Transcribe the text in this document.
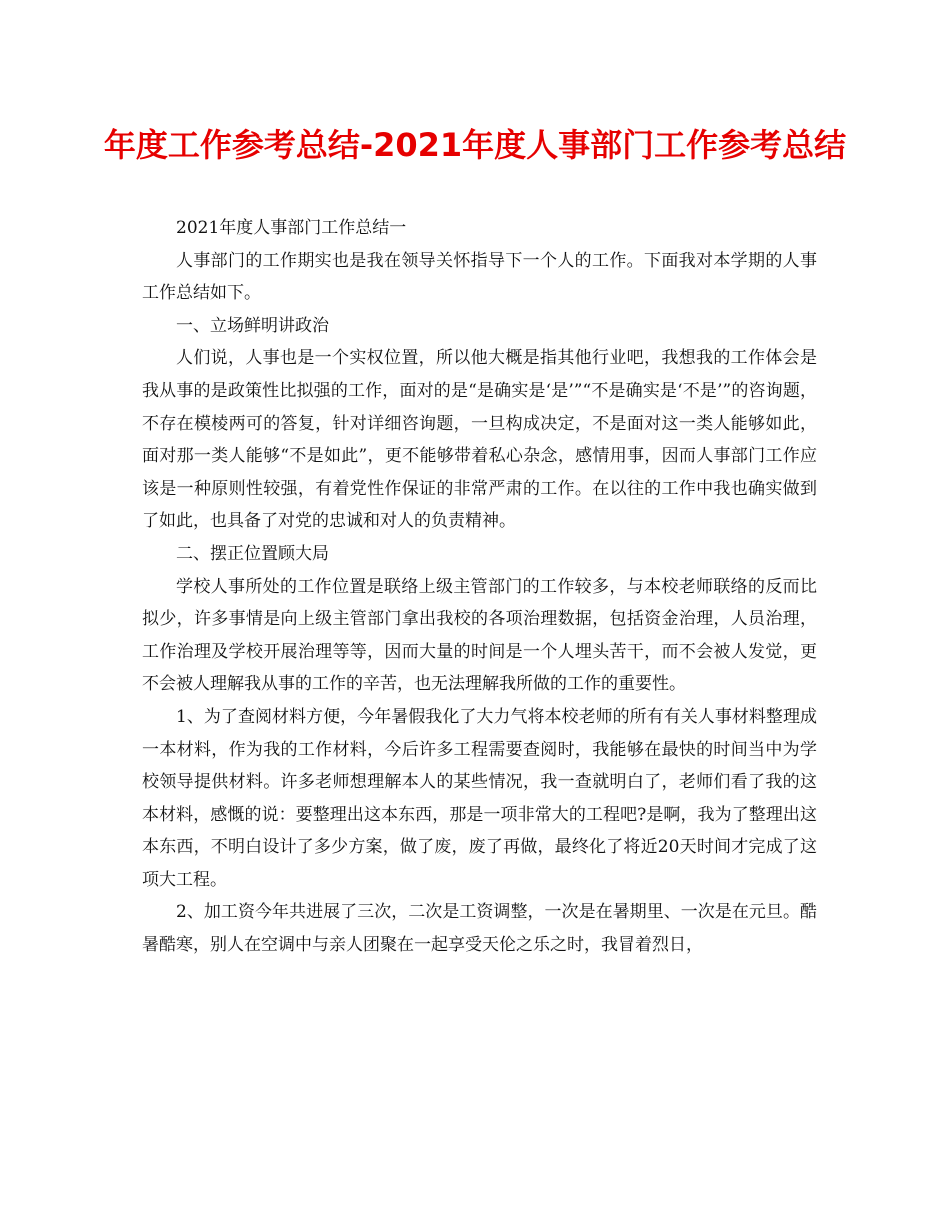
年度工作参考总结-2021年度人事部门工作参考总结

2021年度人事部门工作总结一

人事部门的工作期实也是我在领导关怀指导下一个人的工作。下面我对本学期的人事工作总结如下。

一、立场鲜明讲政治

人们说，人事也是一个实权位置，所以他大概是指其他行业吧，我想我的工作体会是我从事的是政策性比拟强的工作，面对的是“是确实是‘是’”“不是确实是‘不是’”的咨询题，不存在模棱两可的答复，针对详细咨询题，一旦构成决定，不是面对这一类人能够如此，面对那一类人能够“不是如此”，更不能够带着私心杂念，感情用事，因而人事部门工作应该是一种原则性较强，有着党性作保证的非常严肃的工作。在以往的工作中我也确实做到了如此，也具备了对党的忠诚和对人的负责精神。

二、摆正位置顾大局

学校人事所处的工作位置是联络上级主管部门的工作较多，与本校老师联络的反而比拟少，许多事情是向上级主管部门拿出我校的各项治理数据，包括资金治理，人员治理，工作治理及学校开展治理等等，因而大量的时间是一个人埋头苦干，而不会被人发觉，更不会被人理解我从事的工作的辛苦，也无法理解我所做的工作的重要性。

1、为了查阅材料方便，今年暑假我化了大力气将本校老师的所有有关人事材料整理成一本材料，作为我的工作材料，今后许多工程需要查阅时，我能够在最快的时间当中为学校领导提供材料。许多老师想理解本人的某些情况，我一查就明白了，老师们看了我的这本材料，感慨的说：要整理出这本东西，那是一项非常大的工程吧?是啊，我为了整理出这本东西，不明白设计了多少方案，做了废，废了再做，最终化了将近20天时间才完成了这项大工程。

2、加工资今年共进展了三次，二次是工资调整，一次是在暑期里、一次是在元旦。酷暑酷寒，别人在空调中与亲人团聚在一起享受天伦之乐之时，我冒着烈日，
